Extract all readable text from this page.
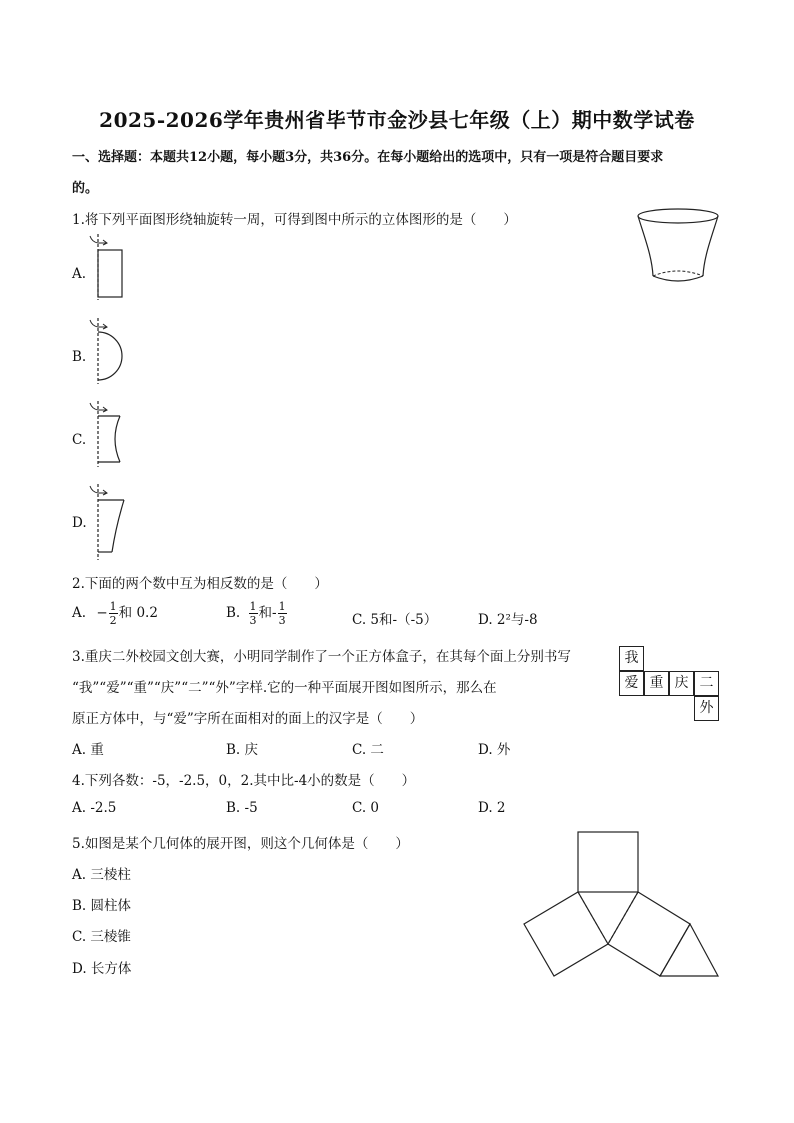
2025-2026学年贵州省毕节市金沙县七年级（上）期中数学试卷
一、选择题：本题共12小题，每小题3分，共36分。在每小题给出的选项中，只有一项是符合题目要求
的。
1.将下列平面图形绕轴旋转一周，可得到图中所示的立体图形的是（　　）
A.
B.
C.
D.
2.下面的两个数中互为相反数的是（　　）
A. − $\frac{1}{2}$ 和 0.2	B. $\frac{1}{3}$ 和- $\frac{1}{3}$	C. 5和-（-5）	D. 2²与-8
3.重庆二外校园文创大赛，小明同学制作了一个正方体盒子，在其每个面上分别书写
“我”“爱”“重”“庆”“二”“外”字样.它的一种平面展开图如图所示，那么在
原正方体中，与“爱”字所在面相对的面上的汉字是（　　）
我
爱 重 庆 二
外
A. 重	B. 庆	C. 二	D. 外
4.下列各数：-5，-2.5，0，2.其中比-4小的数是（　　）
A. -2.5	B. -5	C. 0	D. 2
5.如图是某个几何体的展开图，则这个几何体是（　　）
A. 三棱柱
B. 圆柱体
C. 三棱锥
D. 长方体
